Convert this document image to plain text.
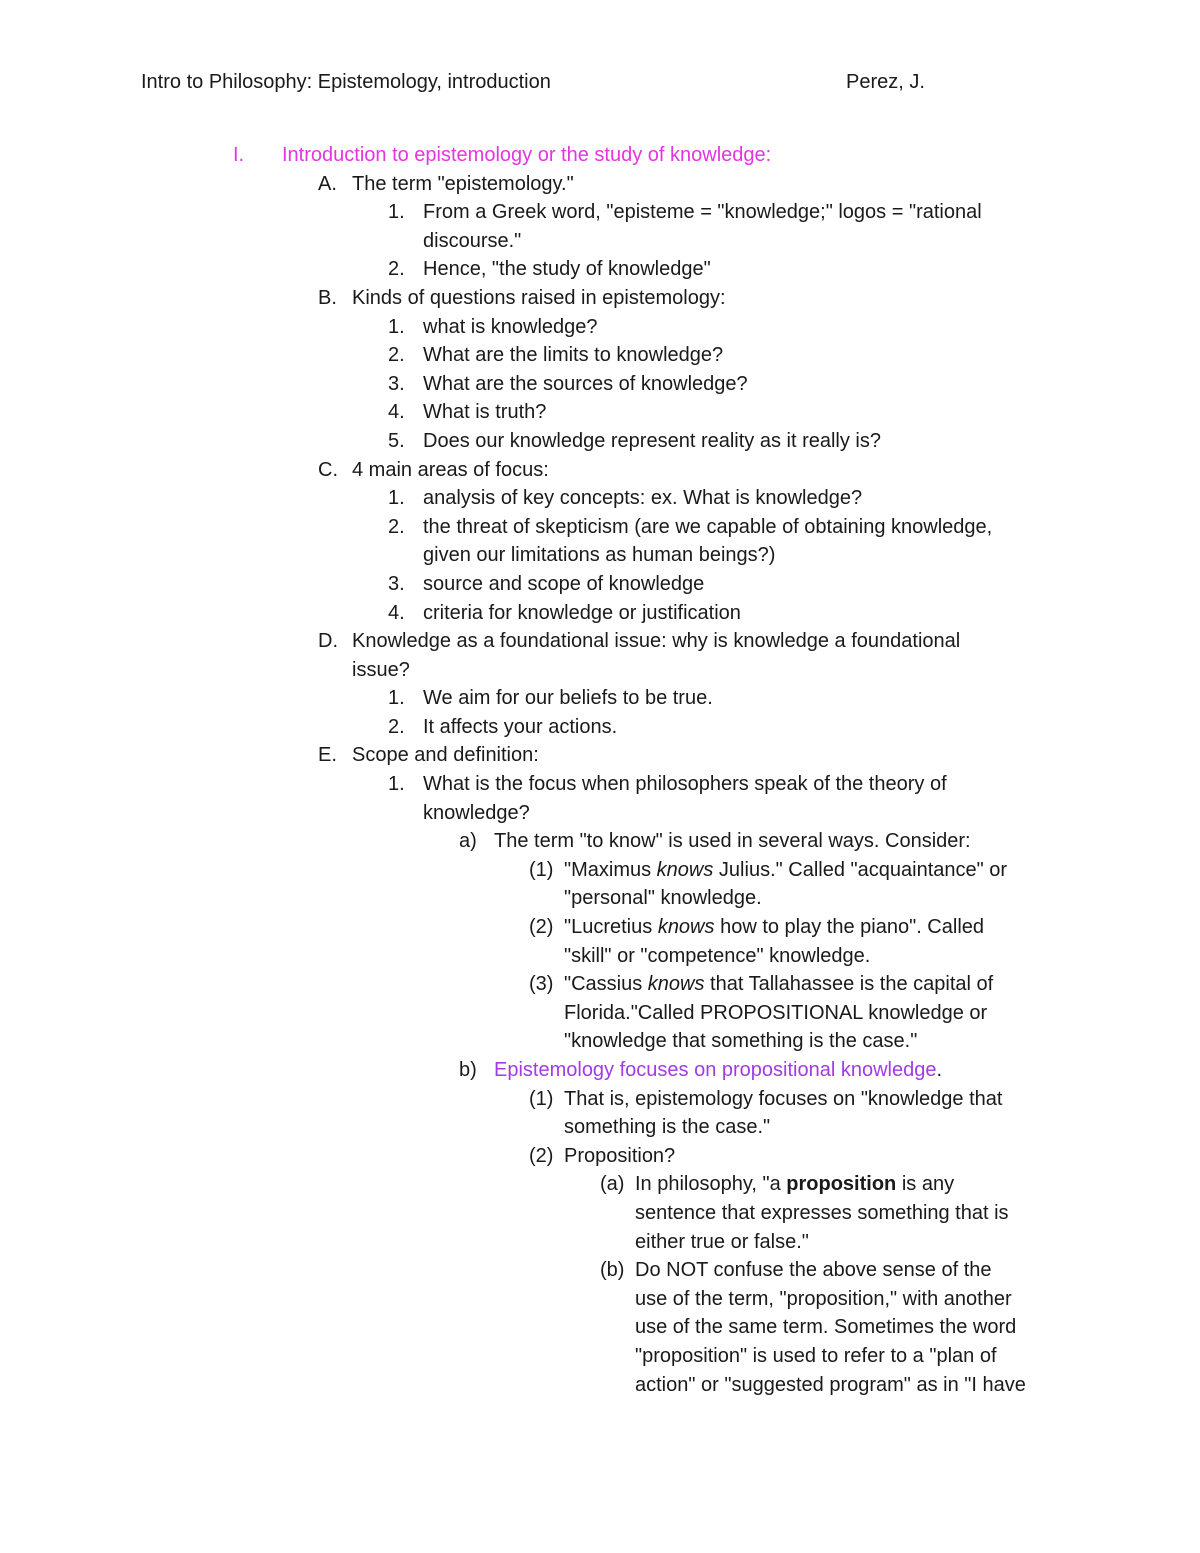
Intro to Philosophy: Epistemology, introduction	Perez, J.
I. Introduction to epistemology or the study of knowledge:
A. The term "epistemology."
1. From a Greek word, "episteme = "knowledge;" logos = "rational
discourse."
2. Hence, "the study of knowledge"
B. Kinds of questions raised in epistemology:
1. what is knowledge?
2. What are the limits to knowledge?
3. What are the sources of knowledge?
4. What is truth?
5. Does our knowledge represent reality as it really is?
C. 4 main areas of focus:
1. analysis of key concepts: ex. What is knowledge?
2. the threat of skepticism (are we capable of obtaining knowledge,
given our limitations as human beings?)
3. source and scope of knowledge
4. criteria for knowledge or justification
D. Knowledge as a foundational issue: why is knowledge a foundational
issue?
1. We aim for our beliefs to be true.
2. It affects your actions.
E. Scope and definition:
1. What is the focus when philosophers speak of the theory of
knowledge?
a) The term "to know" is used in several ways. Consider:
(1) "Maximus knows Julius." Called "acquaintance" or
"personal" knowledge.
(2) "Lucretius knows how to play the piano". Called
"skill" or "competence" knowledge.
(3) "Cassius knows that Tallahassee is the capital of
Florida."Called PROPOSITIONAL knowledge or
"knowledge that something is the case."
b) Epistemology focuses on propositional knowledge.
(1) That is, epistemology focuses on "knowledge that
something is the case."
(2) Proposition?
(a) In philosophy, "a proposition is any
sentence that expresses something that is
either true or false."
(b) Do NOT confuse the above sense of the
use of the term, "proposition," with another
use of the same term. Sometimes the word
"proposition" is used to refer to a "plan of
action" or "suggested program" as in "I have
